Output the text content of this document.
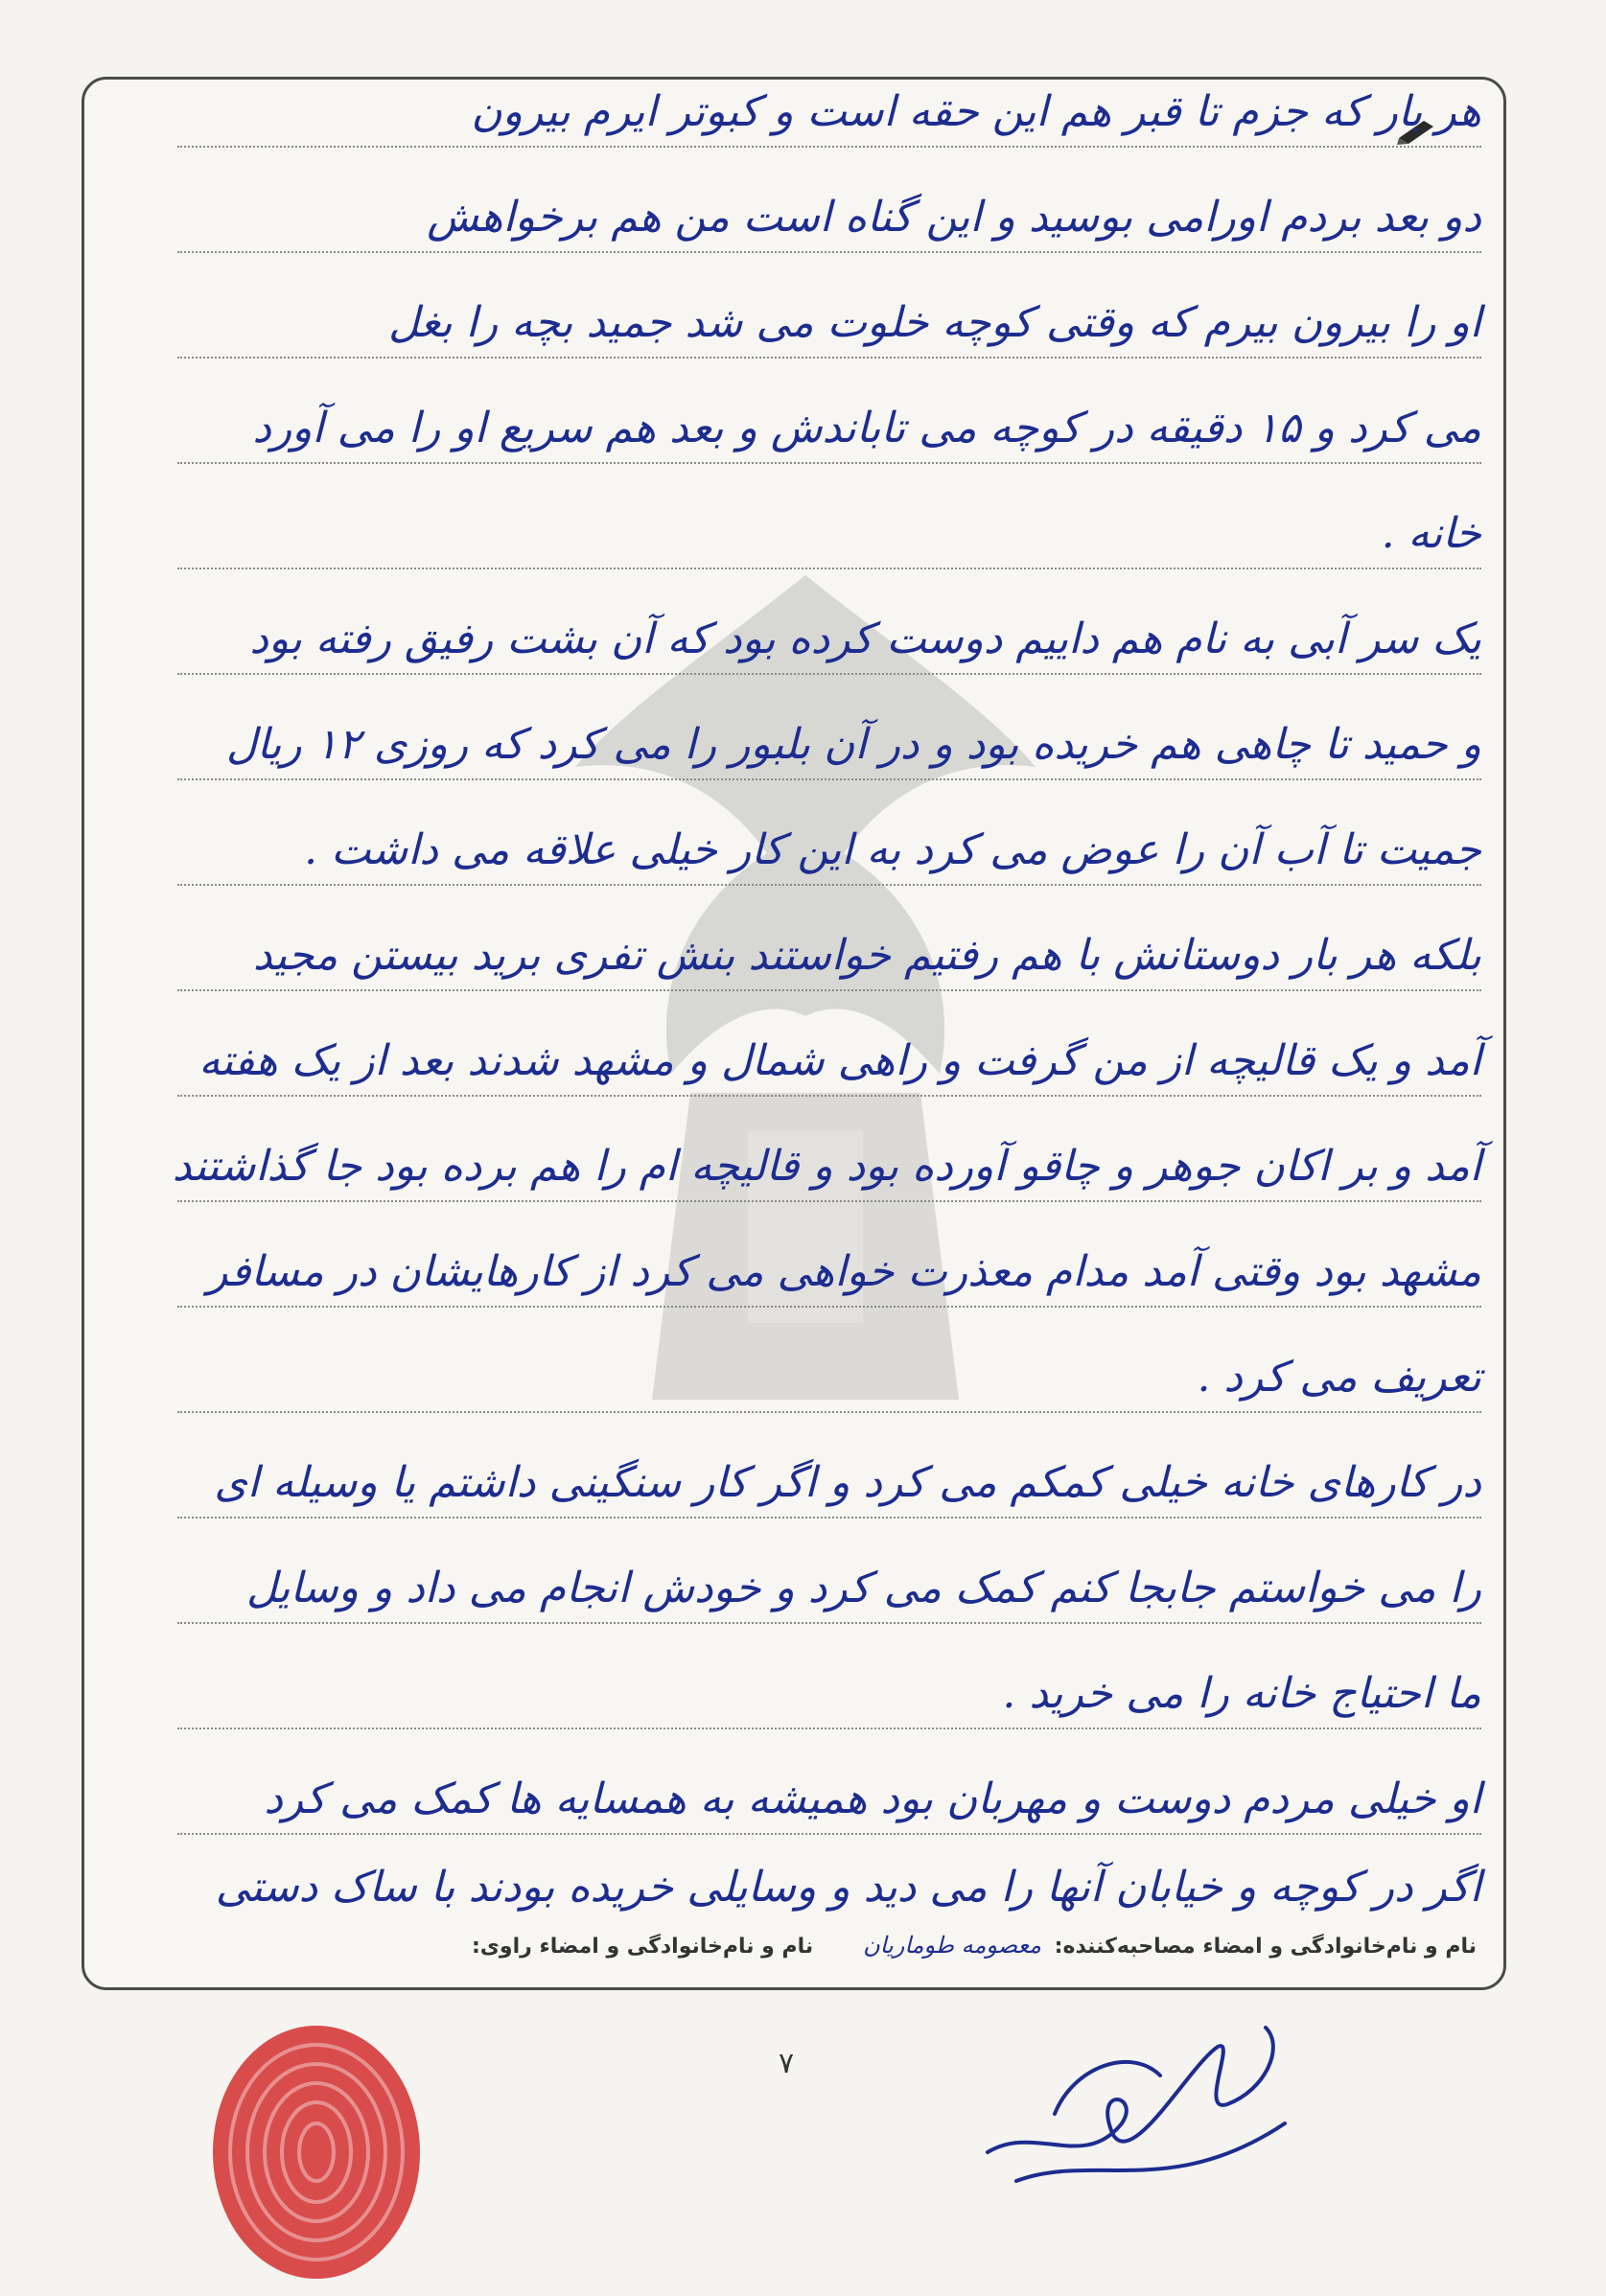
هر بار که جزم تا قبر هم این حقه است و کبوتر ایرم بیرون
دو بعد بردم اورامی بوسید و این گناه است من هم برخواهش
او را بیرون بیرم که وقتی کوچه خلوت می شد جمید بچه را بغل
می کرد و ۱۵ دقیقه در کوچه می تاباندش و بعد هم سریع او را می آورد
خانه .
یک سر آبی به نام هم داییم دوست کرده بود که آن بشت رفیق رفته بود
و حمید تا چاهی هم خریده بود و در آن بلبور را می کرد که روزی ۱۲ ریال
جمیت تا آب آن را عوض می کرد به این کار خیلی علاقه می داشت .
بلکه هر بار دوستانش با هم رفتیم خواستند بنش تفری برید بیستن مجید
آمد و یک قالیچه از من گرفت و راهی شمال و مشهد شدند بعد از یک هفته
آمد و بر اکان جوهر و چاقو آورده بود و قالیچه ام را هم برده بود جا گذاشتند
مشهد بود وقتی آمد مدام معذرت خواهی می کرد از کارهایشان در مسافر
تعریف می کرد .
در کارهای خانه خیلی کمکم می کرد و اگر کار سنگینی داشتم یا وسیله ای
را می خواستم جابجا کنم کمک می کرد و خودش انجام می داد و وسایل
ما احتیاج خانه را می خرید .
او خیلی مردم دوست و مهربان بود همیشه به همسایه ها کمک می کرد
اگر در کوچه و خیابان آنها را می دید و وسایلی خریده بودند با ساک دستی
نام و نام‌خانوادگی و امضاء مصاحبه‌کننده: معصومه طوماریان      نام و نام‌خانوادگی و امضاء راوی:
۷
